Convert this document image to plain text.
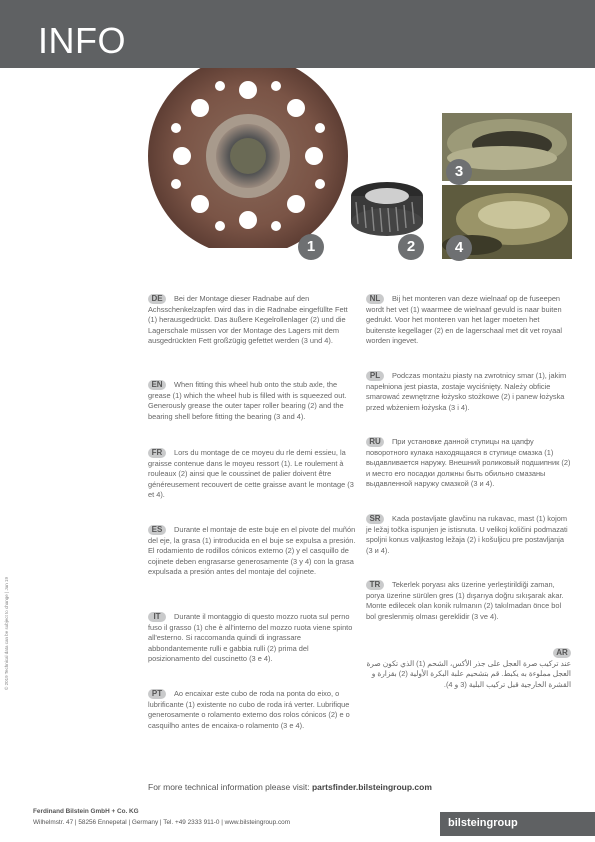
INFO
1	2
3
4
DE Bei der Montage dieser Radnabe auf den Achsschenkelzapfen wird das in die Radnabe eingefüllte Fett (1) herausgedrückt. Das äußere Kegelrollenlager (2) und die Lagerschale müssen vor der Montage des Lagers mit dem ausgedrückten Fett großzügig gefettet werden (3 und 4).
EN When fitting this wheel hub onto the stub axle, the grease (1) which the wheel hub is filled with is squeezed out. Generously grease the outer taper roller bearing (2) and the bearing shell before fitting the bearing (3 and 4).
FR Lors du montage de ce moyeu du rle demi essieu, la graisse contenue dans le moyeu ressort (1). Le roulement à rouleaux (2) ainsi que le coussinet de palier doivent être généreusement recouvert de cette graisse avant le montage (3 et 4).
ES Durante el montaje de este buje en el pivote del muñón del eje, la grasa (1) introducida en el buje se expulsa a presión. El rodamiento de rodillos cónicos externo (2) y el casquillo de cojinete deben engrasarse generosamente (3 y 4) con la grasa expulsada a presión antes del montaje del cojinete.
IT Durante il montaggio di questo mozzo ruota sul perno fuso il grasso (1) che è all'interno del mozzo ruota viene spinto all'esterno. Si raccomanda quindi di ingrassare abbondantemente rulli e gabbia rulli (2) prima del posizionamento del cuscinetto (3 e 4).
PT Ao encaixar este cubo de roda na ponta do eixo, o lubrificante (1) existente no cubo de roda irá verter. Lubrifique generosamente o rolamento externo dos rolos cónicos (2) e o casquilho antes de encaixa-o rolamento (3 e 4).
NL Bij het monteren van deze wielnaaf op de fuseepen wordt het vet (1) waarmee de wielnaaf gevuld is naar buiten gedrukt. Voor het monteren van het lager moeten het buitenste kegellager (2) en de lagerschaal met dit vet royaal worden ingevet.
PL Podczas montażu piasty na zwrotnicy smar (1), jakim napełniona jest piasta, zostaje wyciśnięty. Należy obficie smarować zewnętrzne łożysko stożkowe (2) i panew łożyska przed wbżeniem łożyska (3 i 4).
RU При установке данной ступицы на цапфу поворотного кулака находящаяся в ступице смазка (1) выдавливается наружу. Внешний роликовый подшипник (2) и место его посадки должны быть обильно смазаны выдавленной наружу смазкой (3 и 4).
SR Kada postavljate glavčinu na rukavac, mast (1) kojom je ležaj točka ispunjen je istisnuta. U velikoj količini podmazati spoljni konus valjkastog ležaja (2) i košuljicu pre postavljanja (3 и 4).
TR Tekerlek poryası aks üzerine yerleştirildiği zaman, porya üzerine sürülen gres (1) dışarıya doğru sıkışarak akar. Monte edilecek olan konik rulmanın (2) takılmadan önce bol bol greslenmiş olması gereklidir (3 ve 4).
AR
عند تركيب صرة العجل على جذر الأكس، الشحم (1) الذي تكون صرة العجل مملوءة به يكبط. قم بتشحيم علبة البكرة الأولية (2) بقزارة و القشرة الخارجية قبل تركيب البلية (3 و 4).
© 2019 Technical data can be subject to change | Jan 19
For more technical information please visit: partsfinder.bilsteingroup.com
Ferdinand Bilstein GmbH + Co. KG
Wilhelmstr. 47 | 58256 Ennepetal | Germany | Tel. +49 2333 911-0 | www.bilsteingroup.com	bilsteingroup
